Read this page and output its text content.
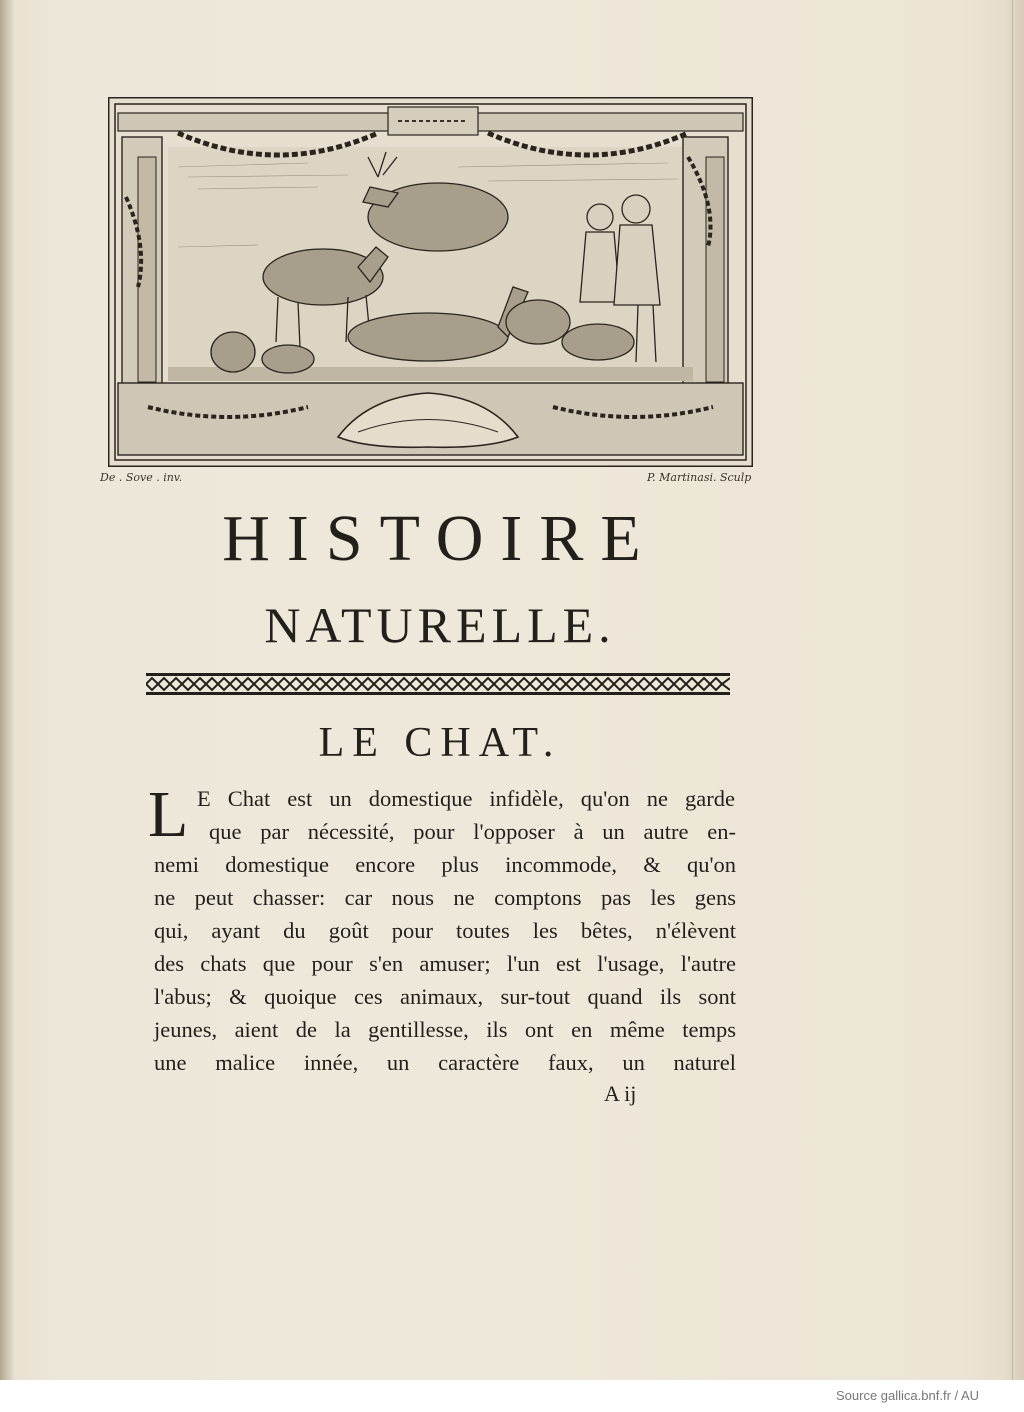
De . Sove . inv.	P. Martinasi. Sculp
HISTOIRE
NATURELLE.
LE CHAT.
L E Chat est un domestique infidèle, qu'on ne garde
que par nécessité, pour l'opposer à un autre en-
nemi domestique encore plus incommode, & qu'on
ne peut chasser: car nous ne comptons pas les gens
qui, ayant du goût pour toutes les bêtes, n'élèvent
des chats que pour s'en amuser; l'un est l'usage, l'autre
l'abus; & quoique ces animaux, sur-tout quand ils sont
jeunes, aient de la gentillesse, ils ont en même temps
une malice innée, un caractère faux, un naturel
A ij
Source gallica.bnf.fr / AU
